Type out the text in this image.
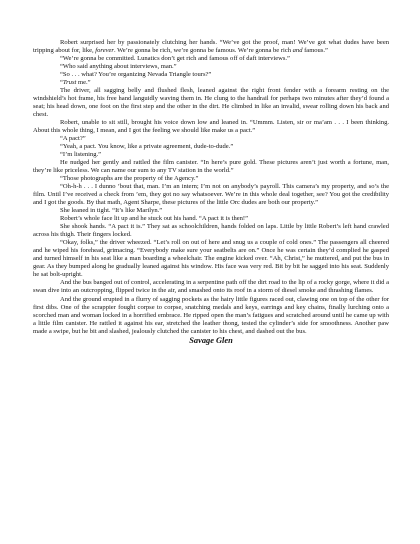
Robert surprised her by passionately clutching her hands. “We’ve got the proof, man! We’ve got what dudes have been tripping about for, like, forever. We’re gonna be rich, we’re gonna be famous. We’re gonna be rich and famous.”

“We’re gonna be committed. Lunatics don’t get rich and famous off of daft interviews.”

“Who said anything about interviews, man.”

“So . . . what? You’re organizing Nevada Triangle tours?”

“Trust me.”

The driver, all sagging belly and flushed flesh, leaned against the right front fender with a forearm resting on the windshield’s hot frame, his free hand languidly waving them in. He clung to the handrail for perhaps two minutes after they’d found a seat; his head down, one foot on the first step and the other in the dirt. He climbed in like an invalid, swear rolling down his back and chest.

Robert, unable to sit still, brought his voice down low and leaned in. “Ummm. Listen, sir or ma’am . . . I been thinking. About this whole thing, I mean, and I got the feeling we should like make us a pact.”

“A pact?”

“Yeah, a pact. You know, like a private agreement, dude-to-dude.”

“I’m listening.”

He nudged her gently and rattled the film canister. “In here’s pure gold. These pictures aren’t just worth a fortune, man, they’re like priceless. We can name our sum to any TV station in the world.”

“Those photographs are the property of the Agency.”

“Oh-h-h . . . I dunno ’bout that, man. I’m an intern; I’m not on anybody’s payroll. This camera’s my property, and so’s the film. Until I’ve received a check from ’em, they got no say whatsoever. We’re in this whole deal together, see? You got the credibility and I got the goods. By that math, Agent Sharpe, these pictures of the little Orc dudes are both our property.”

She leaned in tight. “It’s like Marilyn.”

Robert’s whole face lit up and he stuck out his hand. “A pact it is then!”

She shook hands. “A pact it is.” They sat as schoolchildren, hands folded on laps. Little by little Robert’s left hand crawled across his thigh. Their fingers locked.

“Okay, folks,” the driver wheezed. “Let’s roll on out of here and snug us a couple of cold ones.” The passengers all cheered and he wiped his forehead, grimacing. “Everybody make sure your seatbelts are on.” Once he was certain they’d complied he gasped and turned himself in his seat like a man boarding a wheelchair. The engine kicked over. “Ah, Christ,” he muttered, and put the bus in gear. As they bumped along he gradually leaned against his window. His face was very red. Bit by bit he sagged into his seat. Suddenly he sat bolt-upright.

And the bus banged out of control, accelerating in a serpentine path off the dirt road to the lip of a rocky gorge, where it did a swan dive into an outcropping, flipped twice in the air, and smashed onto its roof in a storm of diesel smoke and thrashing flames.

And the ground erupted in a flurry of sagging pockets as the hairy little figures raced out, clawing one on top of the other for first dibs. One of the scrappier fought corpse to corpse, snatching medals and keys, earrings and key chains, finally lurching onto a scorched man and woman locked in a horrified embrace. He ripped open the man’s fatigues and scratched around until he came up with a little film canister. He rattled it against his ear, stretched the leather thong, tested the cylinder’s side for smoothness. Another paw made a swipe, but he bit and slashed, jealously clutched the canister to his chest, and dashed out the bus.

Savage Glen
